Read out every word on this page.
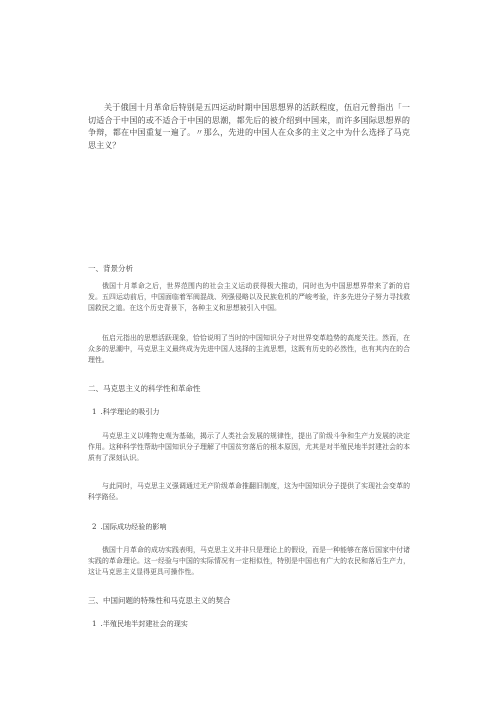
关于俄国十月革命后特别是五四运动时期中国思想界的活跃程度，伍启元曾指出「一切适合于中国的或不适合于中国的思潮，都先后的被介绍到中国来，而许多国际思想界的争辩，都在中国重复一遍了。〃那么，先进的中国人在众多的主义之中为什么选择了马克思主义？
一、背景分析
俄国十月革命之后，世界范围内的社会主义运动获得极大推动，同时也为中国思想界带来了新的启发。五四运动前后，中国面临着军阀混战、列强侵略以及民族危机的严峻考验，许多先进分子努力寻找救国救民之道。在这个历史背景下，各种主义和思想被引入中国。
伍启元指出的思想活跃现象，恰恰说明了当时的中国知识分子对世界变革趋势的高度关注。然而，在众多的思潮中，马克思主义最终成为先进中国人选择的主流思想，这既有历史的必然性，也有其内在的合理性。
二、马克思主义的科学性和革命性
1 .科学理论的吸引力
马克思主义以唯物史观为基础，揭示了人类社会发展的规律性，提出了阶级斗争和生产力发展的决定作用。这种科学性帮助中国知识分子理解了中国贫穷落后的根本原因，尤其是对半殖民地半封建社会的本质有了深刻认识。
与此同时，马克思主义强调通过无产阶级革命推翻旧制度，这为中国知识分子提供了实现社会变革的科学路径。
2 .国际成功经验的影响
俄国十月革命的成功实践表明，马克思主义并非只是理论上的假设，而是一种能够在落后国家中付诸实践的革命理论。这一经验与中国的实际情况有一定相似性，特别是中国也有广大的农民和落后生产力，这让马克思主义显得更具可操作性。
三、中国问题的特殊性和马克思主义的契合
1 .半殖民地半封建社会的现实
